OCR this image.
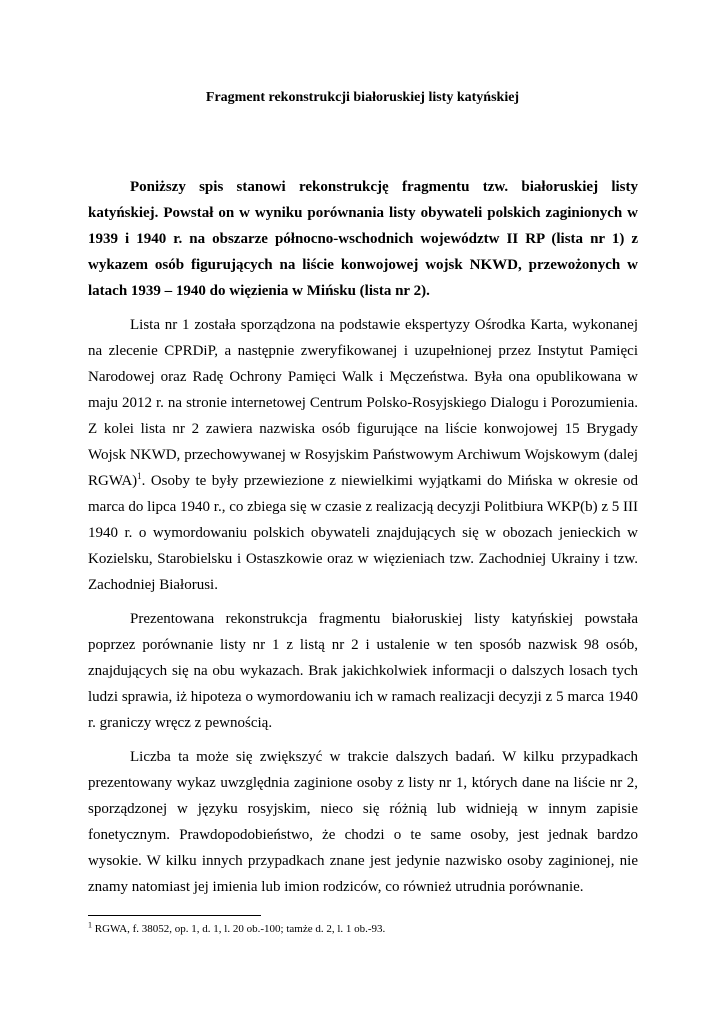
Fragment rekonstrukcji białoruskiej listy katyńskiej

Poniższy spis stanowi rekonstrukcję fragmentu tzw. białoruskiej listy katyńskiej. Powstał on w wyniku porównania listy obywateli polskich zaginionych w 1939 i 1940 r. na obszarze północno-wschodnich województw II RP (lista nr 1) z wykazem osób figurujących na liście konwojowej wojsk NKWD, przewożonych w latach 1939 – 1940 do więzienia w Mińsku (lista nr 2).

Lista nr 1 została sporządzona na podstawie ekspertyzy Ośrodka Karta, wykonanej na zlecenie CPRDiP, a następnie zweryfikowanej i uzupełnionej przez Instytut Pamięci Narodowej oraz Radę Ochrony Pamięci Walk i Męczeństwa. Była ona opublikowana w maju 2012 r. na stronie internetowej Centrum Polsko-Rosyjskiego Dialogu i Porozumienia. Z kolei lista nr 2 zawiera nazwiska osób figurujące na liście konwojowej 15 Brygady Wojsk NKWD, przechowywanej w Rosyjskim Państwowym Archiwum Wojskowym (dalej RGWA)$^1$. Osoby te były przewiezione z niewielkimi wyjątkami do Mińska w okresie od marca do lipca 1940 r., co zbiega się w czasie z realizacją decyzji Politbiura WKP(b) z 5 III 1940 r. o wymordowaniu polskich obywateli znajdujących się w obozach jenieckich w Kozielsku, Starobielsku i Ostaszkowie oraz w więzieniach tzw. Zachodniej Ukrainy i tzw. Zachodniej Białorusi.

Prezentowana rekonstrukcja fragmentu białoruskiej listy katyńskiej powstała poprzez porównanie listy nr 1 z listą nr 2 i ustalenie w ten sposób nazwisk 98 osób, znajdujących się na obu wykazach. Brak jakichkolwiek informacji o dalszych losach tych ludzi sprawia, iż hipoteza o wymordowaniu ich w ramach realizacji decyzji z 5 marca 1940 r. graniczy wręcz z pewnością.

Liczba ta może się zwiększyć w trakcie dalszych badań. W kilku przypadkach prezentowany wykaz uwzględnia zaginione osoby z listy nr 1, których dane na liście nr 2, sporządzonej w języku rosyjskim, nieco się różnią lub widnieją w innym zapisie fonetycznym. Prawdopodobieństwo, że chodzi o te same osoby, jest jednak bardzo wysokie. W kilku innych przypadkach znane jest jedynie nazwisko osoby zaginionej, nie znamy natomiast jej imienia lub imion rodziców, co również utrudnia porównanie.

$^1$ RGWA, f. 38052, op. 1, d. 1, l. 20 ob.-100; tamże d. 2, l. 1 ob.-93.
